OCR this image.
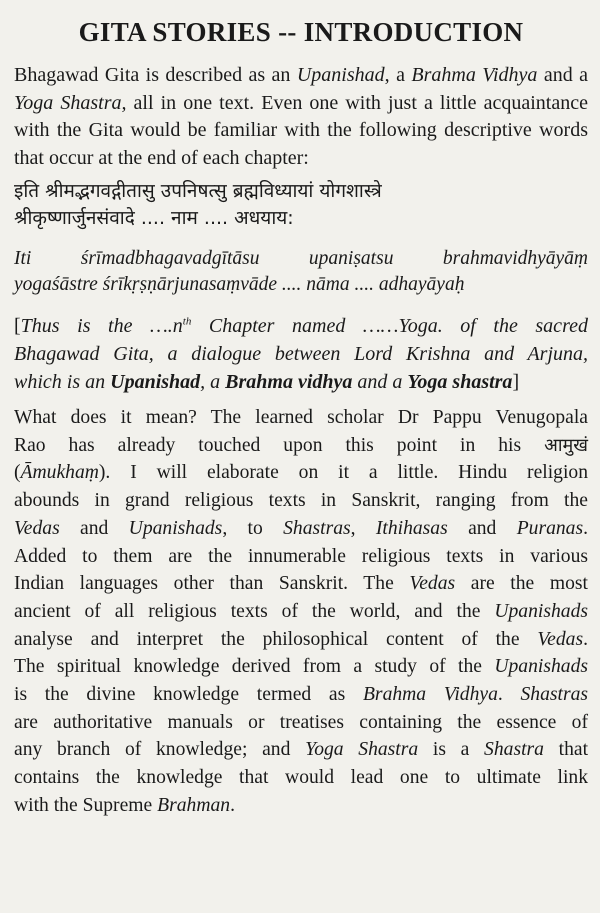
GITA STORIES -- INTRODUCTION

Bhagawad Gita is described as an Upanishad, a Brahma Vidhya and a Yoga Shastra, all in one text. Even one with just a little acquaintance with the Gita would be familiar with the following descriptive words that occur at the end of each chapter:

इति श्रीमद्भगवद्गीतासु उपनिषत्सु ब्रह्मविध्यायां योगशास्त्रे
श्रीकृष्णार्जुनसंवादे .... नाम .... अधयाय:
Iti śrīmadbhagavadgītāsu upaniṣatsu brahmavidhyāyāṃ
yogaśāstre śrīkṛṣṇārjunasaṃvāde .... nāma .... adhayāyaḥ
[Thus is the $\dots.n^{th}$ Chapter named ……Yoga. of the sacred
Bhagawad Gita, a dialogue between Lord Krishna and Arjuna,
which is an Upanishad, a Brahma vidhya and a Yoga shastra]
What does it mean? The learned scholar Dr Pappu Venugopala
Rao has already touched upon this point in his आमुखं
(Āmukhaṃ). I will elaborate on it a little. Hindu religion
abounds in grand religious texts in Sanskrit, ranging from the
Vedas and Upanishads, to Shastras, Ithihasas and Puranas.
Added to them are the innumerable religious texts in various
Indian languages other than Sanskrit. The Vedas are the most
ancient of all religious texts of the world, and the Upanishads
analyse and interpret the philosophical content of the Vedas.
The spiritual knowledge derived from a study of the Upanishads
is the divine knowledge termed as Brahma Vidhya. Shastras
are authoritative manuals or treatises containing the essence of
any branch of knowledge; and Yoga Shastra is a Shastra that
contains the knowledge that would lead one to ultimate link
with the Supreme Brahman.
